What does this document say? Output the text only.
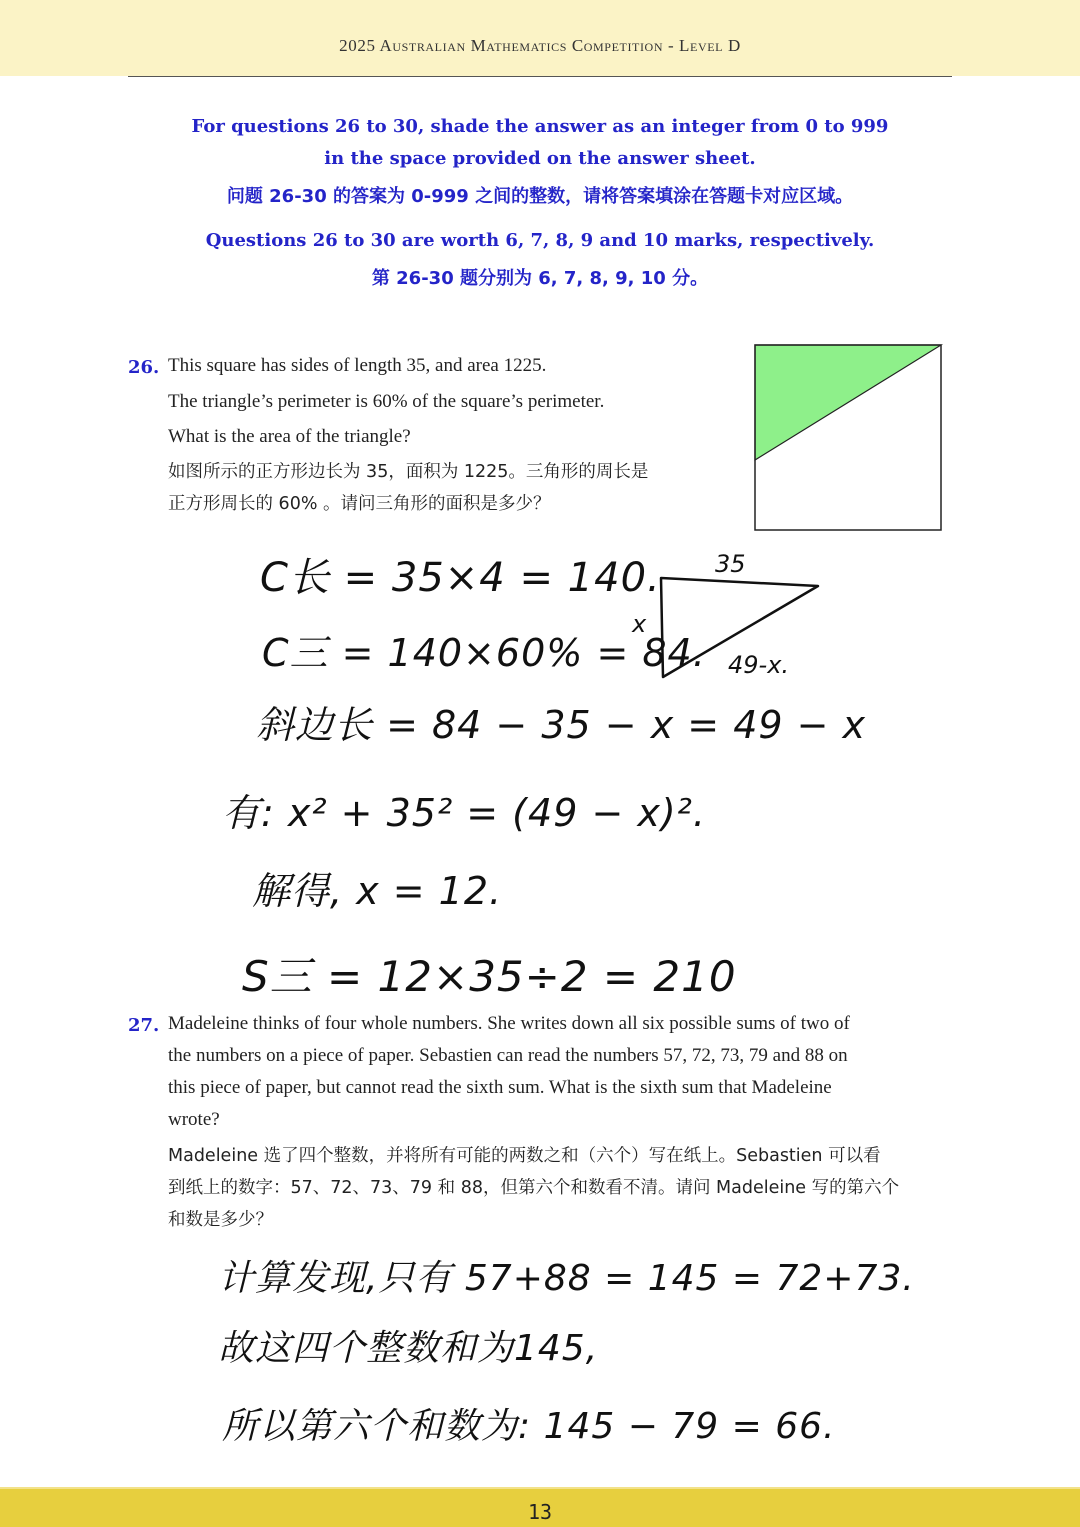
2025 Australian Mathematics Competition - Level D
For questions 26 to 30, shade the answer as an integer from 0 to 999
in the space provided on the answer sheet.
问题 26-30 的答案为 0-999 之间的整数，请将答案填涂在答题卡对应区域。
Questions 26 to 30 are worth 6, 7, 8, 9 and 10 marks, respectively.
第 26-30 题分别为 6, 7, 8, 9, 10 分。
26. This square has sides of length 35, and area 1225.
The triangle’s perimeter is 60% of the square’s perimeter.
What is the area of the triangle?
如图所示的正方形边长为 35，面积为 1225。三角形的周长是
正方形周长的 60% 。请问三角形的面积是多少？
C长 = 35×4 = 140.
C三 = 140×60% = 84.
斜边长 = 84 − 35 − x = 49 − x
有: x² + 35² = (49 − x)².
解得, x = 12.
S三 = 12×35÷2 = 210
35
x
49-x.
27. Madeleine thinks of four whole numbers. She writes down all six possible sums of two of
the numbers on a piece of paper. Sebastien can read the numbers 57, 72, 73, 79 and 88 on
this piece of paper, but cannot read the sixth sum. What is the sixth sum that Madeleine
wrote?
Madeleine 选了四个整数，并将所有可能的两数之和（六个）写在纸上。Sebastien 可以看
到纸上的数字：57、72、73、79 和 88，但第六个和数看不清。请问 Madeleine 写的第六个
和数是多少？
计算发现,只有 57+88 = 145 = 72+73.
故这四个整数和为145,
所以第六个和数为: 145 − 79 = 66.
13
